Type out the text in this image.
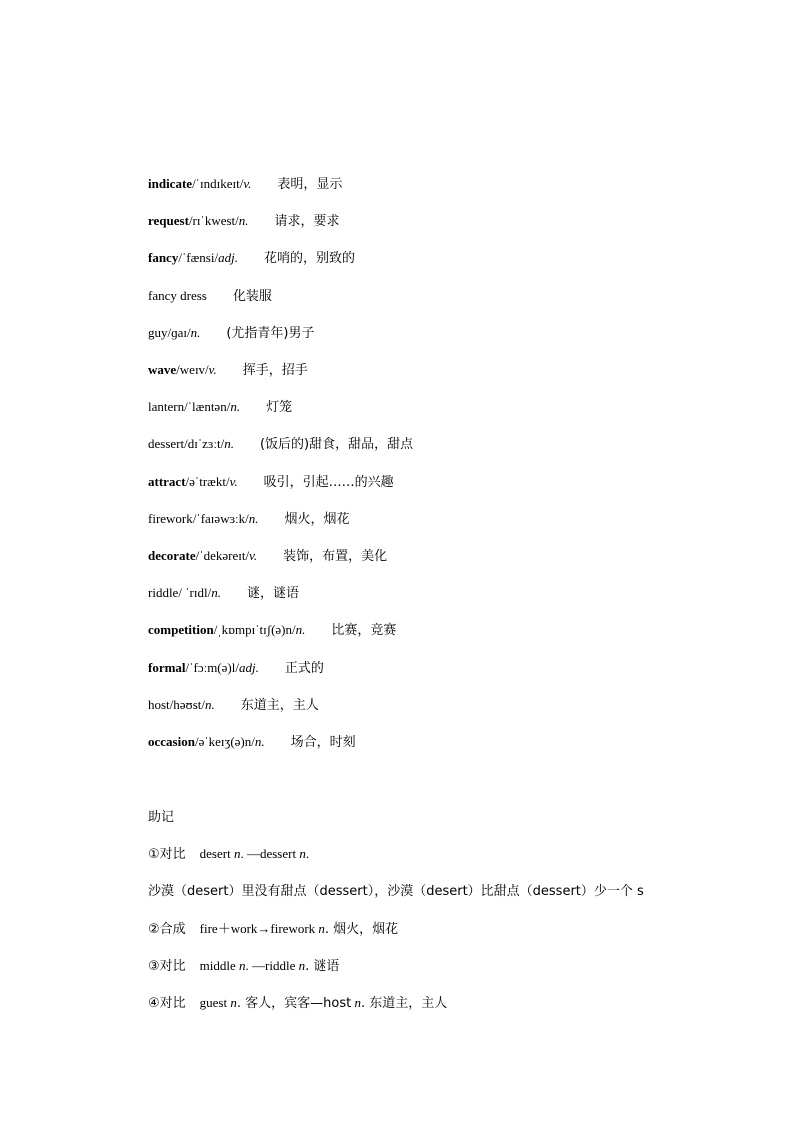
indicate/ˈɪndɪkeɪt/v. 表明，显示
request/rɪˈkwest/n. 请求，要求
fancy/ˈfænsi/adj. 花哨的，别致的
fancy dress 化装服
guy/ɡaɪ/n. (尤指青年)男子
wave/weɪv/v. 挥手，招手
lantern/ˈlæntən/n. 灯笼
dessert/dɪˈzɜːt/n. (饭后的)甜食，甜品，甜点
attract/əˈtrækt/v. 吸引，引起……的兴趣
firework/ˈfaɪəwɜːk/n. 烟火，烟花
decorate/ˈdekəreɪt/v. 装饰，布置，美化
riddle/ ˈrɪdl/n. 谜，谜语
competition/ˌkɒmpɪˈtɪʃ(ə)n/n. 比赛，竞赛
formal/ˈfɔːm(ə)l/adj. 正式的
host/həʊst/n. 东道主，主人
occasion/əˈkeɪʒ(ə)n/n. 场合，时刻
助记
①对比 desert n. —dessert n.
沙漠（desert）里没有甜点（dessert），沙漠（desert）比甜点（dessert）少一个 s
②合成 fire＋work→firework n. 烟火，烟花
③对比 middle n. —riddle n. 谜语
④对比 guest n. 客人，宾客—host n. 东道主，主人
